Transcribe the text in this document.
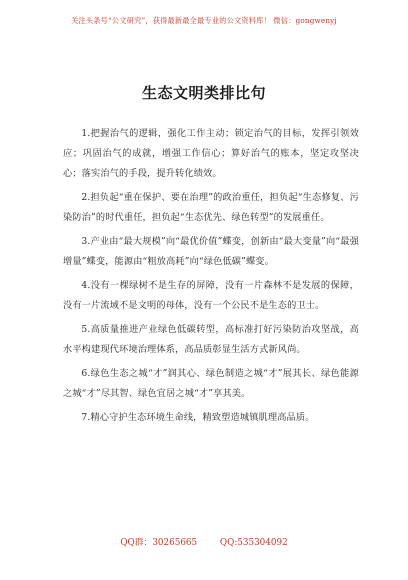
关注头条号“公文研究”，获得最新最全最专业的公文资料库！ 微信：gongwenyj
生态文明类排比句

1.把握治气的逻辑，强化工作主动；锁定治气的目标，发挥引领效应；巩固治气的成就，增强工作信心；算好治气的账本，坚定攻坚决心；落实治气的手段，提升转化绩效。

2.担负起“重在保护、要在治理”的政治重任，担负起“生态修复、污染防治”的时代重任，担负起“生态优先、绿色转型”的发展重任。

3.产业由“最大规模”向“最优价值”蝶变，创新由“最大变量”向“最强增量”蝶变，能源由“粗放高耗”向“绿色低碳”蝶变。

4.没有一棵绿树不是生存的屏障，没有一片森林不是发展的保障，没有一片流域不是文明的母体，没有一个公民不是生态的卫士。

5.高质量推进产业绿色低碳转型，高标准打好污染防治攻坚战，高水平构建现代环境治理体系，高品质彰显生活方式新风尚。

6.绿色生态之城“才”润其心、绿色制造之城“才”展其长、绿色能源之城“才”尽其智、绿色宜居之城“才”享其美。

7.精心守护生态环境生命线，精致塑造城镇肌理高品质。

QQ群：30265665	QQ:535304092
